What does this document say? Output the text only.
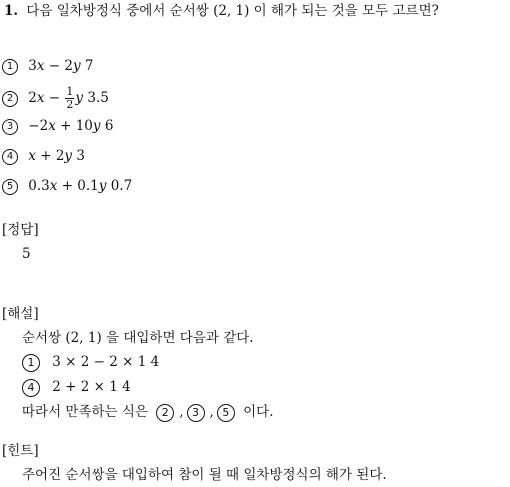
1. 다음 일차방정식 중에서 순서쌍 (2, 1) 이 해가 되는 것을 모두 고르면?
1 3x − 2y 7
2 $2x - \frac{1}{2}$ y 3.5
3 −2x + 10y 6
4 x + 2y 3
5 0.3x + 0.1y 0.7
[정답]
5
[해설]
순서쌍 (2, 1) 을 대입하면 다음과 같다.
1 3 × 2 − 2 × 1 4
4 2 + 2 × 1 4
따라서 만족하는 식은 2 , 3 , 5 이다.
[힌트]
주어진 순서쌍을 대입하여 참이 될 때 일차방정식의 해가 된다.
